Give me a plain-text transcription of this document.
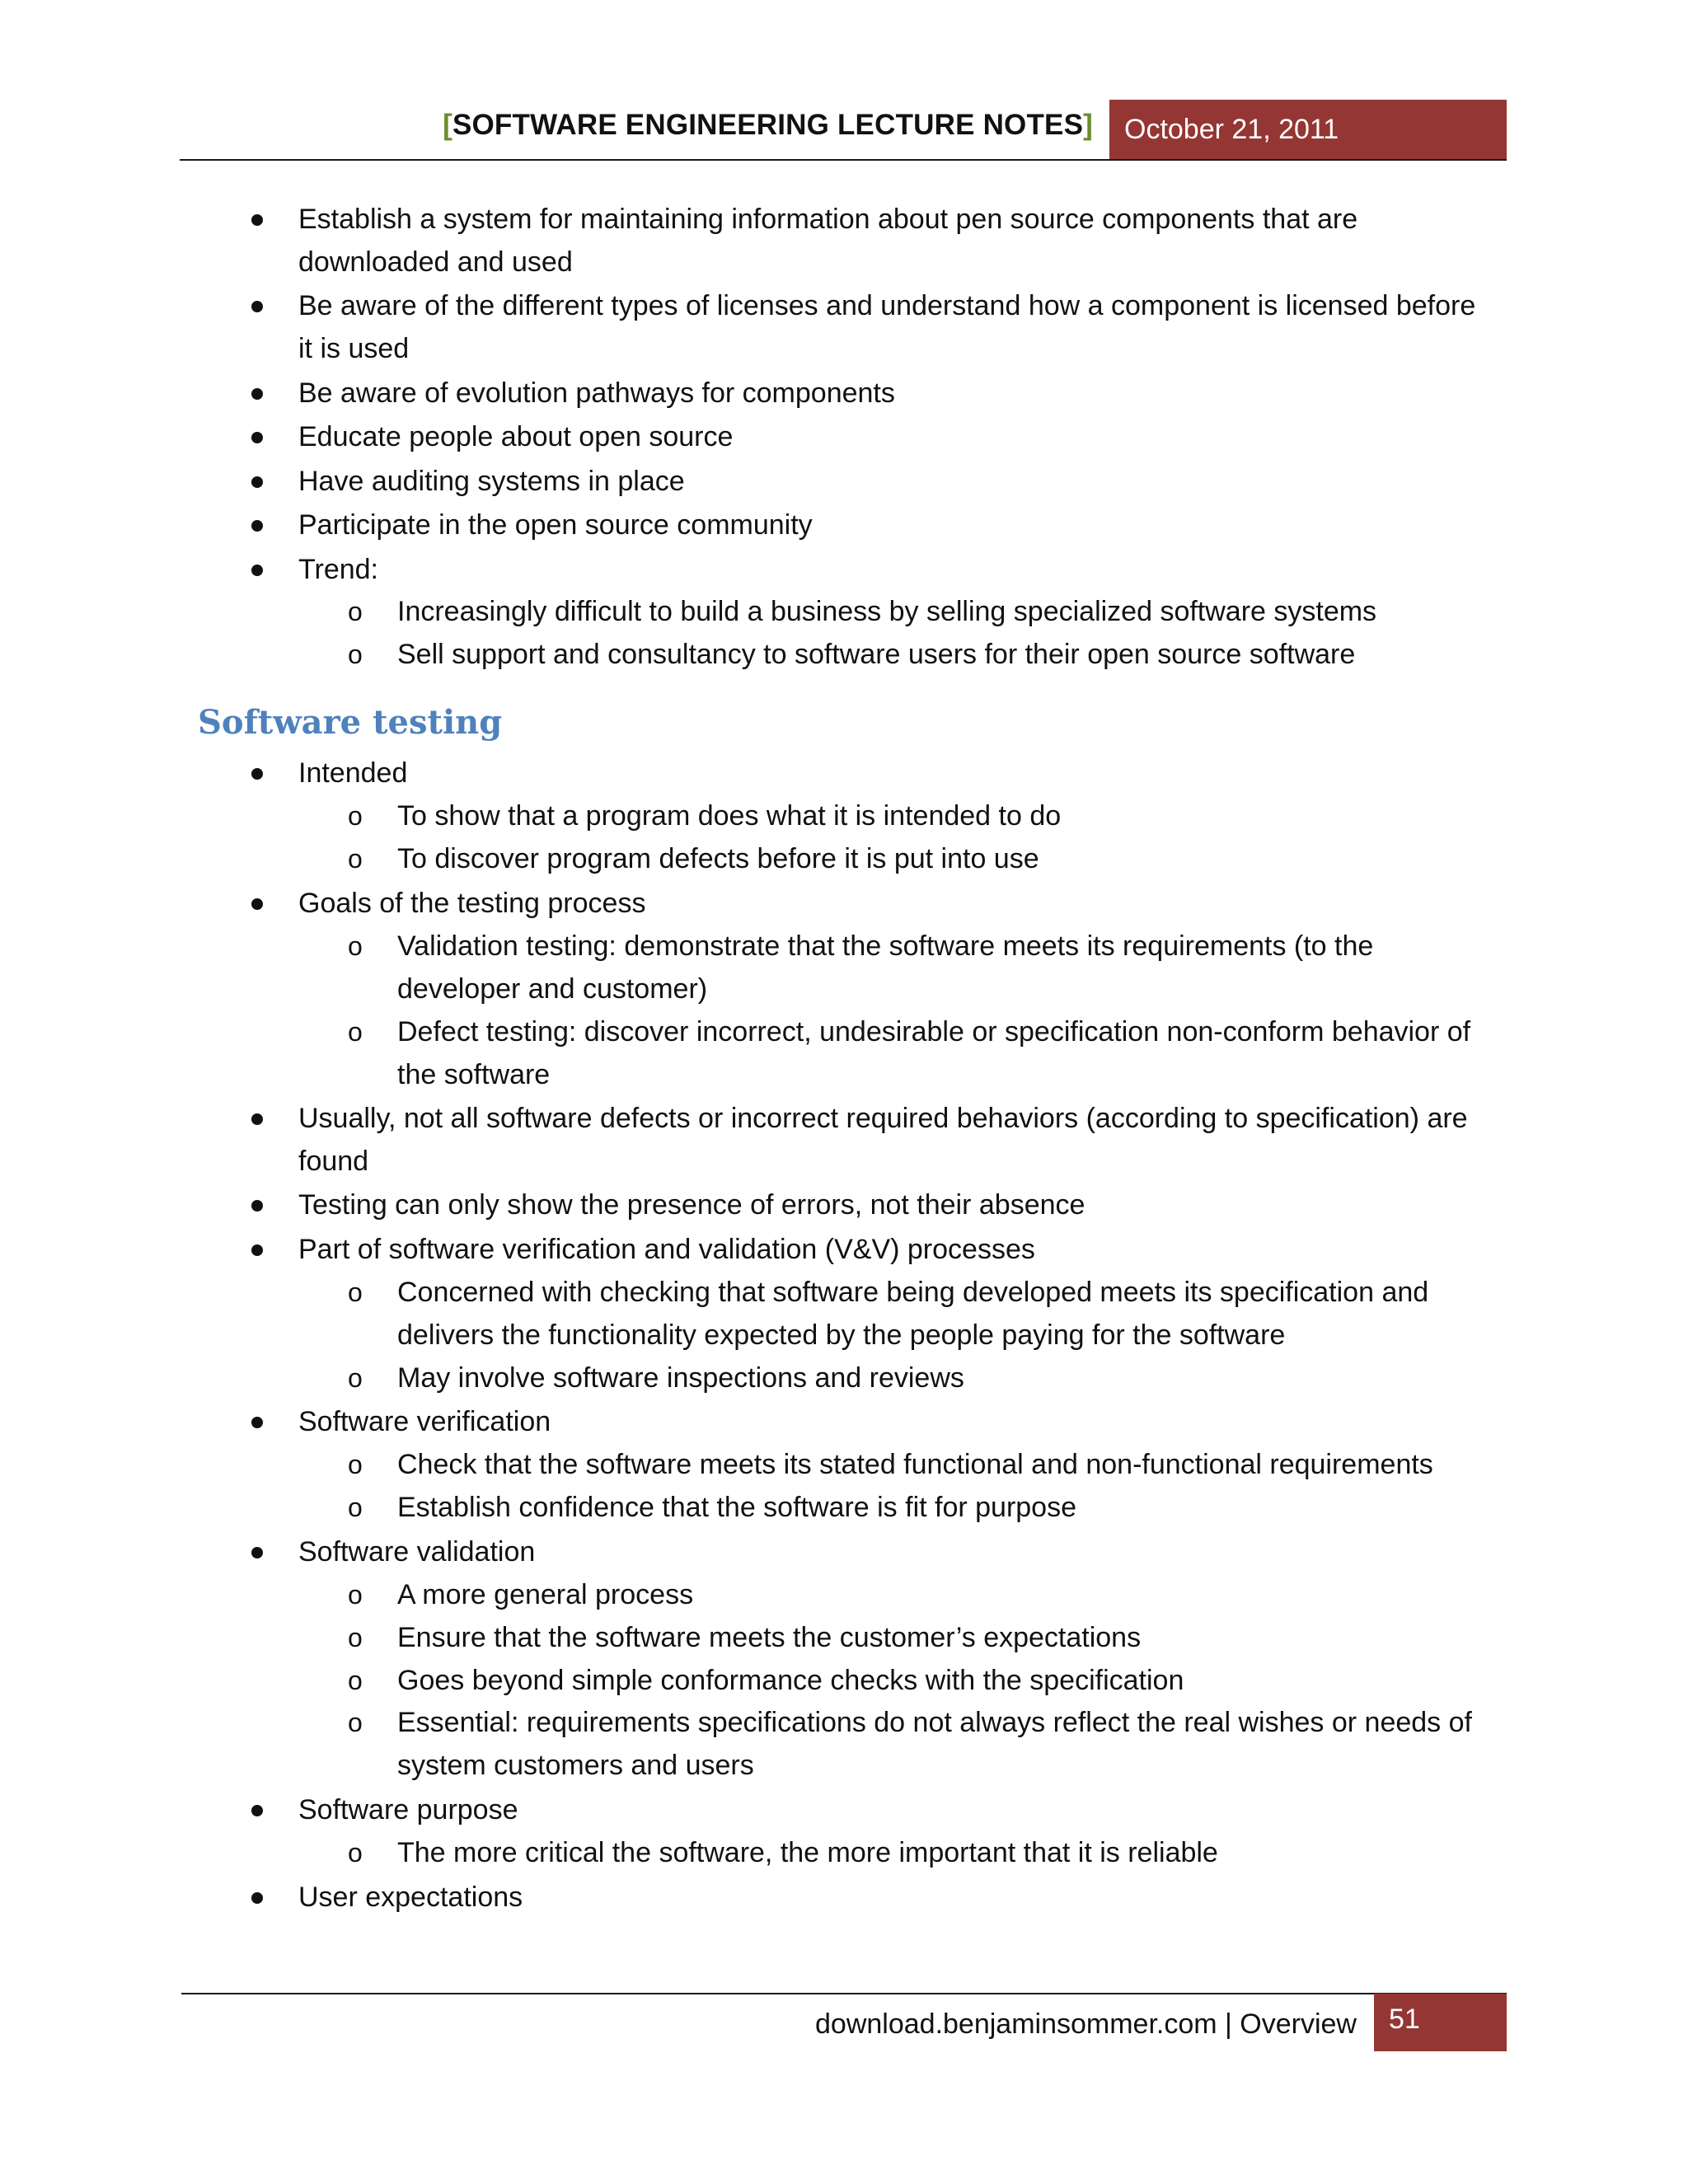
[SOFTWARE ENGINEERING LECTURE NOTES]	October 21, 2011
Establish a system for maintaining information about pen source components that are
downloaded and used
Be aware of the different types of licenses and understand how a component is licensed before
it is used
Be aware of evolution pathways for components
Educate people about open source
Have auditing systems in place
Participate in the open source community
Trend:
o Increasingly difficult to build a business by selling specialized software systems
o Sell support and consultancy to software users for their open source software
Software testing
Intended
o To show that a program does what it is intended to do
o To discover program defects before it is put into use
Goals of the testing process
o Validation testing: demonstrate that the software meets its requirements (to the
developer and customer)
o Defect testing: discover incorrect, undesirable or specification non-conform behavior of
the software
Usually, not all software defects or incorrect required behaviors (according to specification) are
found
Testing can only show the presence of errors, not their absence
Part of software verification and validation (V&V) processes
o Concerned with checking that software being developed meets its specification and
delivers the functionality expected by the people paying for the software
o May involve software inspections and reviews
Software verification
o Check that the software meets its stated functional and non-functional requirements
o Establish confidence that the software is fit for purpose
Software validation
o A more general process
o Ensure that the software meets the customer’s expectations
o Goes beyond simple conformance checks with the specification
o Essential: requirements specifications do not always reflect the real wishes or needs of
system customers and users
Software purpose
o The more critical the software, the more important that it is reliable
User expectations
download.benjaminsommer.com | Overview	51
